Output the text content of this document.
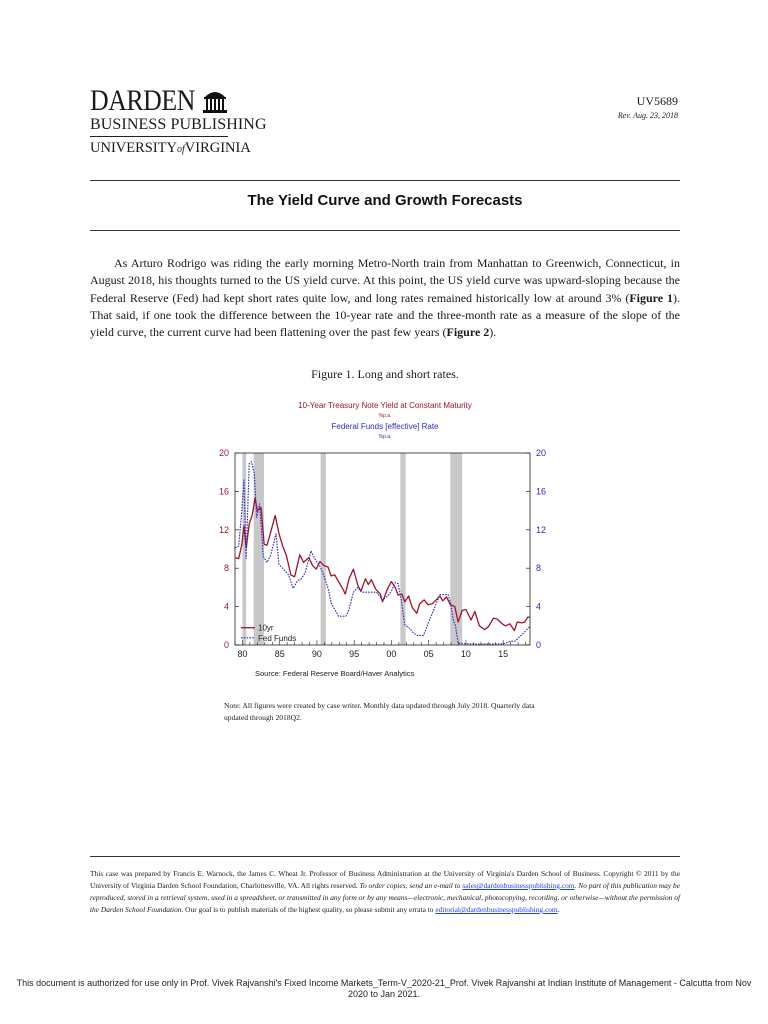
DARDEN
BUSINESS PUBLISHING
UNIVERSITYofVIRGINIA
UV5689
Rev. Aug. 23, 2018
The Yield Curve and Growth Forecasts
As Arturo Rodrigo was riding the early morning Metro-North train from Manhattan to Greenwich, Connecticut, in August 2018, his thoughts turned to the US yield curve. At this point, the US yield curve was upward-sloping because the Federal Reserve (Fed) had kept short rates quite low, and long rates remained historically low at around 3% (Figure 1). That said, if one took the difference between the 10-year rate and the three-month rate as a measure of the slope of the yield curve, the current curve had been flattening over the past few years (Figure 2).
Figure 1. Long and short rates.
10-Year Treasury Note Yield at Constant Maturity
%p.a.
Federal Funds [effective] Rate
%p.a.
0	0
4	4
8	8
12	12
16	16
20	20
80	85	90	95	00	05	10	15
10yr
Fed Funds
Source: Federal Reserve Board/Haver Analytics
Note: All figures were created by case writer. Monthly data updated through July 2018. Quarterly data updated through 2018Q2.
This case was prepared by Francis E. Warnock, the James C. Wheat Jr. Professor of Business Administration at the University of Virginia's Darden School of Business. Copyright © 2011 by the University of Virginia Darden School Foundation, Charlottesville, VA. All rights reserved. To order copies, send an e-mail to sales@dardenbusinesspublishing.com. No part of this publication may be reproduced, stored in a retrieval system, used in a spreadsheet, or transmitted in any form or by any means—electronic, mechanical, photocopying, recording, or otherwise—without the permission of the Darden School Foundation. Our goal is to publish materials of the highest quality, so please submit any errata to editorial@dardenbusinesspublishing.com.
This document is authorized for use only in Prof. Vivek Rajvanshi's Fixed Income Markets_Term-V_2020-21_Prof. Vivek Rajvanshi at Indian Institute of Management - Calcutta from Nov 2020 to Jan 2021.
